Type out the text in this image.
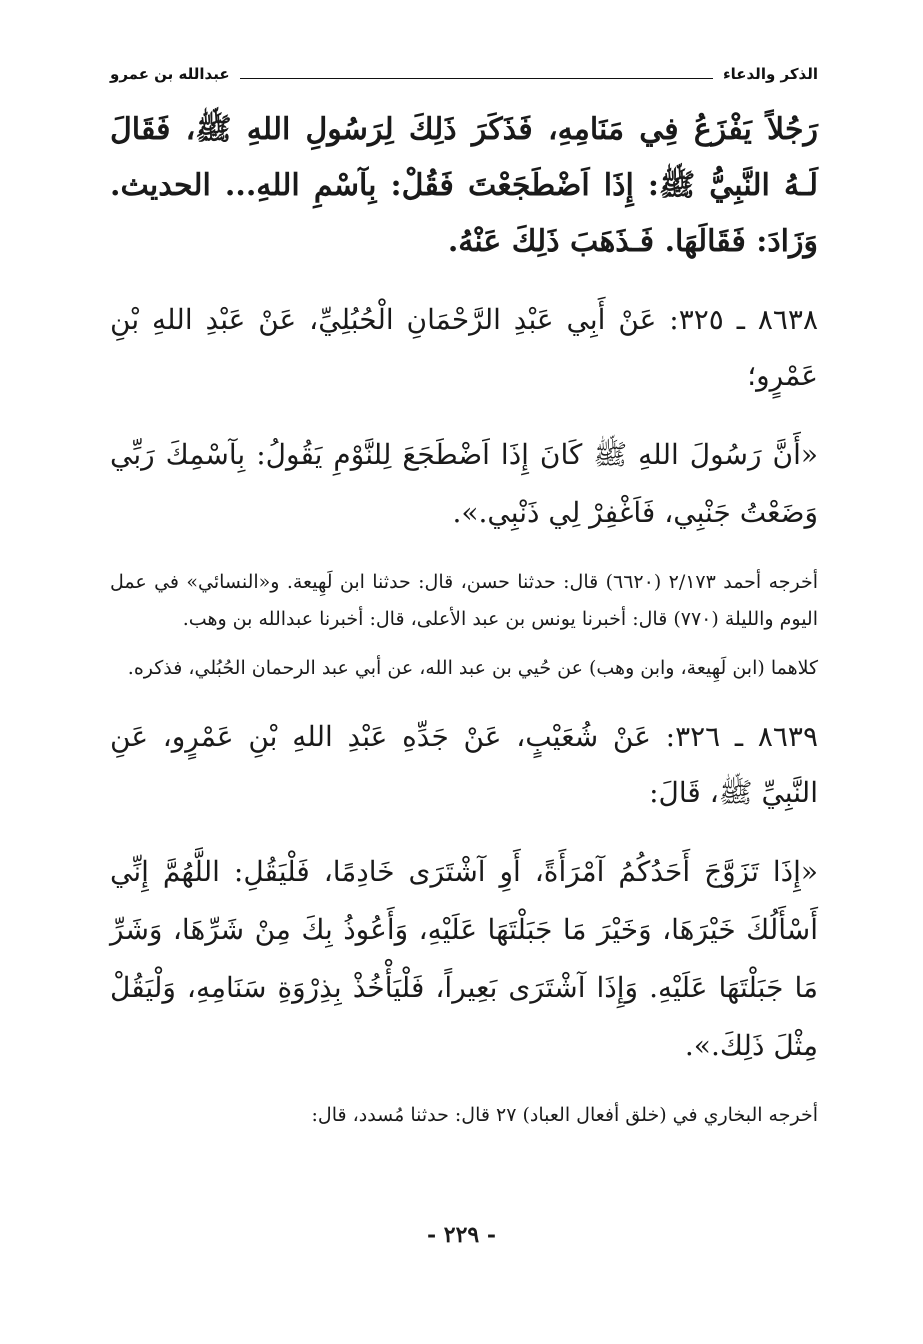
الذكر والدعاء
عبدالله بن عمرو

رَجُلاً يَفْزَعُ فِي مَنَامِهِ، فَذَكَرَ ذَلِكَ لِرَسُولِ اللهِ ﷺ، فَقَالَ لَـهُ النَّبِيُّ ﷺ: إِذَا اَضْطَجَعْتَ فَقُلْ: بِآسْمِ اللهِ... الحديث. وَزَادَ: فَقَالَهَا. فَـذَهَبَ ذَلِكَ عَنْهُ.

٨٦٣٨ ـ ٣٢٥: عَنْ أَبِي عَبْدِ الرَّحْمَانِ الْحُبُلِيِّ، عَنْ عَبْدِ اللهِ بْنِ عَمْرٍو؛

«أَنَّ رَسُولَ اللهِ ﷺ كَانَ إِذَا اَضْطَجَعَ لِلنَّوْمِ يَقُولُ: بِآسْمِكَ رَبِّي وَضَعْتُ جَنْبِي، فَاَغْفِرْ لِي ذَنْبِي.».

أخرجه أحمد ٢/١٧٣ (٦٦٢٠) قال: حدثنا حسن، قال: حدثنا ابن لَهِيعة. و«النسائي» في عمل اليوم والليلة (٧٧٠) قال: أخبرنا يونس بن عبد الأعلى، قال: أخبرنا عبدالله بن وهب.

كلاهما (ابن لَهِيعة، وابن وهب) عن حُيي بن عبد الله، عن أبي عبد الرحمان الحُبُلي، فذكره.

٨٦٣٩ ـ ٣٢٦: عَنْ شُعَيْبٍ، عَنْ جَدِّهِ عَبْدِ اللهِ بْنِ عَمْرٍو، عَنِ النَّبِيِّ ﷺ، قَالَ:

«إِذَا تَزَوَّجَ أَحَدُكُمُ آمْرَأَةً، أَوِ آشْتَرَى خَادِمًا، فَلْيَقُلِ: اللَّهُمَّ إِنِّي أَسْأَلُكَ خَيْرَهَا، وَخَيْرَ مَا جَبَلْتَهَا عَلَيْهِ، وَأَعُوذُ بِكَ مِنْ شَرِّهَا، وَشَرِّ مَا جَبَلْتَهَا عَلَيْهِ. وَإِذَا آشْتَرَى بَعِيراً، فَلْيَأْخُذْ بِذِرْوَةِ سَنَامِهِ، وَلْيَقُلْ مِثْلَ ذَلِكَ.».

أخرجه البخاري في (خلق أفعال العباد) ٢٧ قال: حدثنا مُسدد، قال:

- ٢٢٩ -
